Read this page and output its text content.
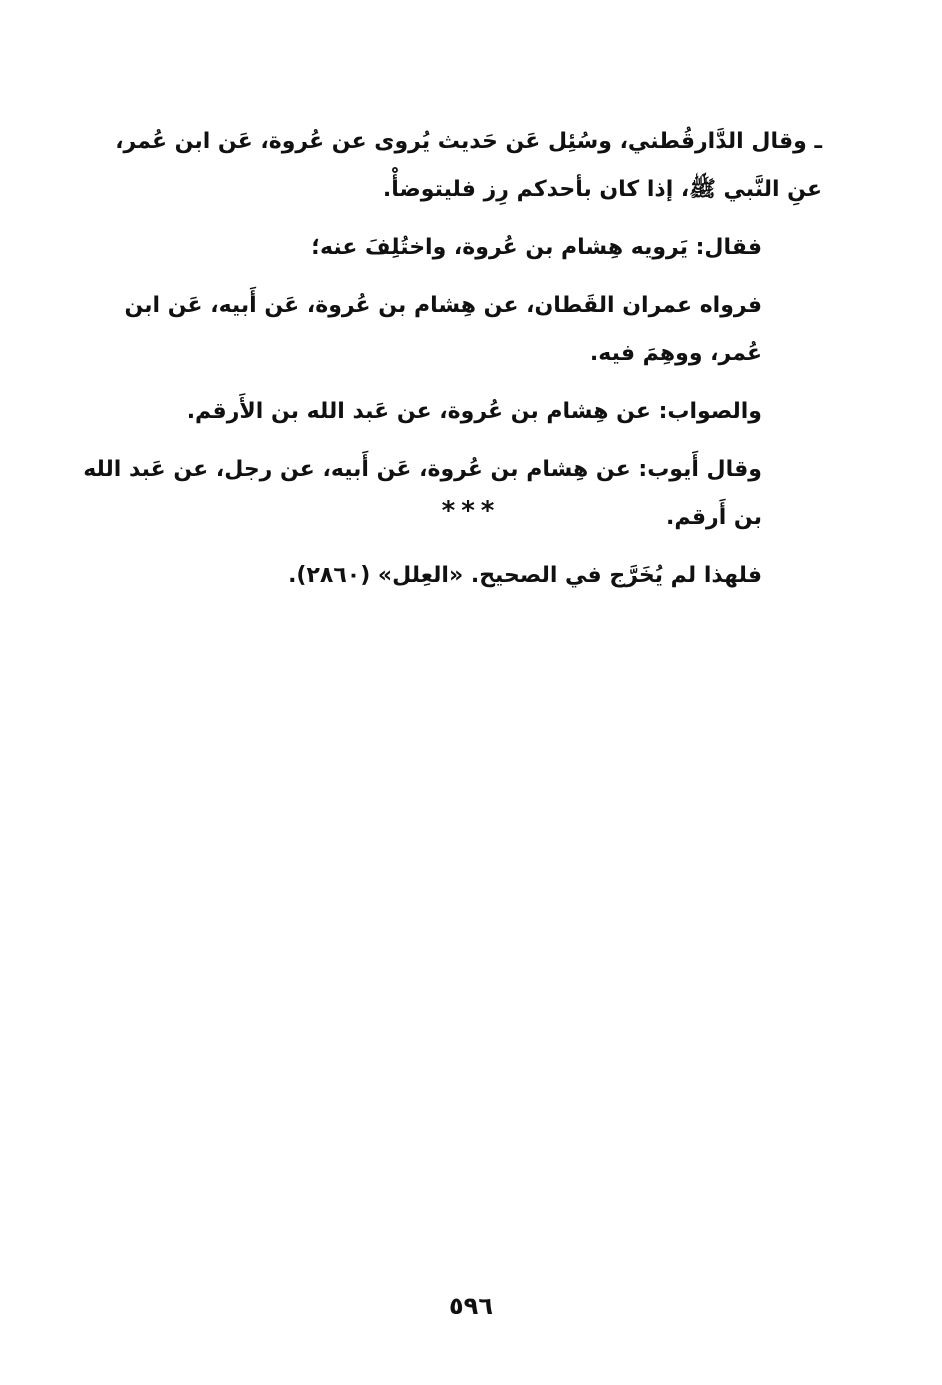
ـ وقال الدَّارقُطني، وسُئِل عَن حَديث يُروى عن عُروة، عَن ابن عُمر، عنِ النَّبي ﷺ، إذا كان بأحدكم رِز فليتوضأْ.

فقال: يَرويه هِشام بن عُروة، واختُلِفَ عنه؛

فرواه عمران القَطان، عن هِشام بن عُروة، عَن أَبيه، عَن ابن عُمر، ووهِمَ فيه.

والصواب: عن هِشام بن عُروة، عن عَبد الله بن الأَرقم.

وقال أَيوب: عن هِشام بن عُروة، عَن أَبيه، عن رجل، عن عَبد الله بن أَرقم.

فلهذا لم يُخَرَّج في الصحيح. «العِلل» (٢٨٦٠).

***
٥٩٦
